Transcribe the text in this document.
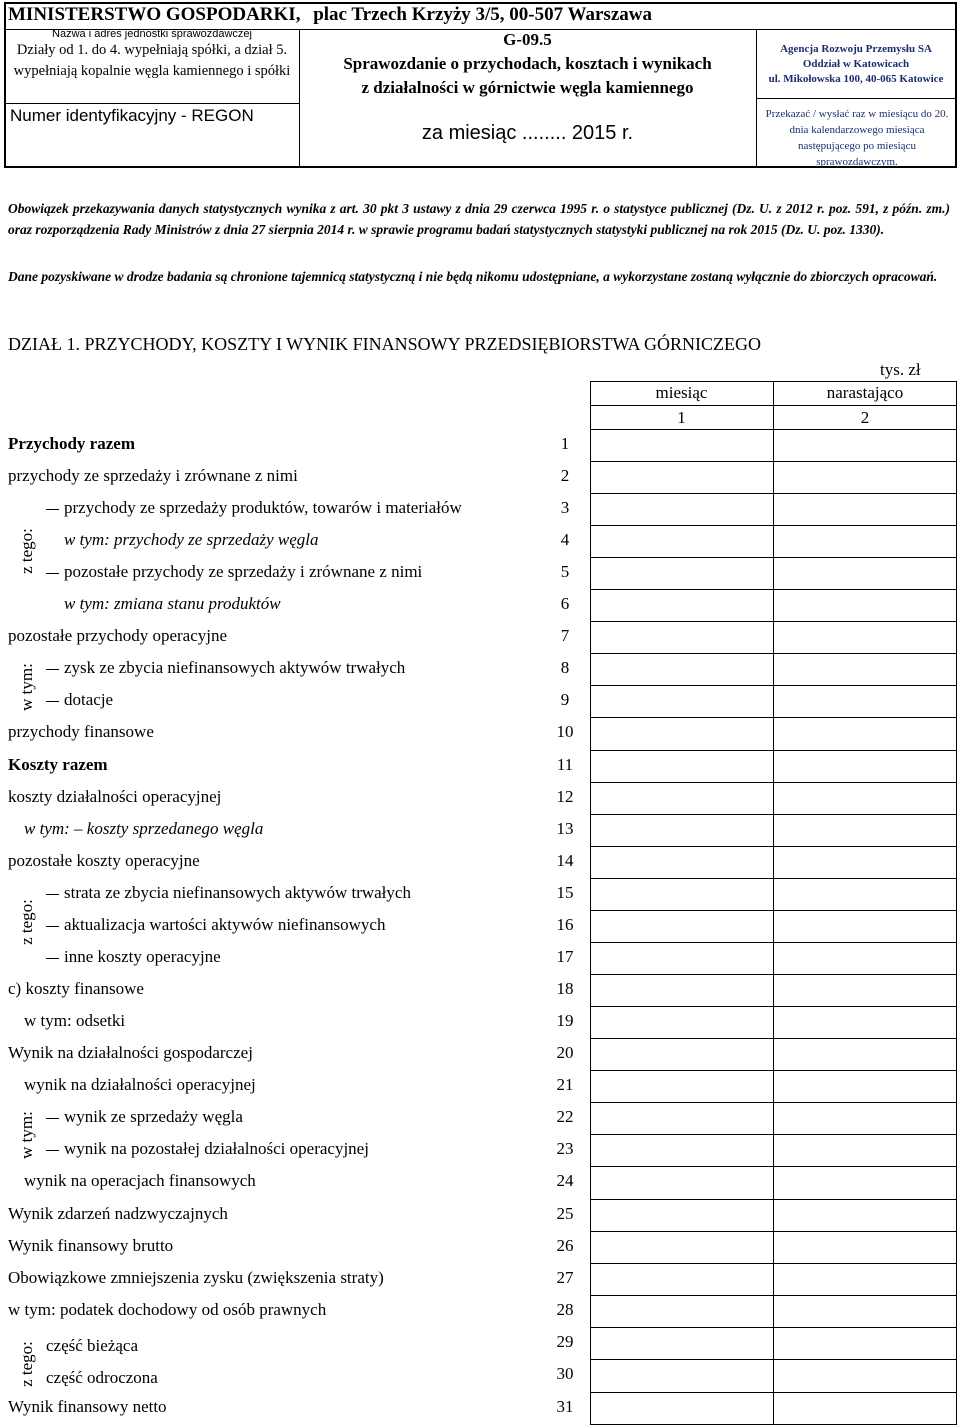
MINISTERSTWO GOSPODARKI, plac Trzech Krzyży 3/5, 00-507 Warszawa
Nazwa i adres jednostki sprawozdawczej
Działy od 1. do 4. wypełniają spółki, a dział 5. wypełniają kopalnie węgla kamiennego i spółki
Numer identyfikacyjny - REGON
G-09.5
Sprawozdanie o przychodach, kosztach i wynikach
z działalności w górnictwie węgla kamiennego
za miesiąc ........ 2015 r.
Agencja Rozwoju Przemysłu SA
Oddział w Katowicach
ul. Mikołowska 100, 40-065 Katowice
Przekazać / wysłać raz w miesiącu do 20. dnia kalendarzowego miesiąca następującego po miesiącu sprawozdawczym.
Obowiązek przekazywania danych statystycznych wynika z art. 30 pkt 3 ustawy z dnia 29 czerwca 1995 r. o statystyce publicznej (Dz. U. z 2012 r. poz. 591, z późn. zm.) oraz rozporządzenia Rady Ministrów z dnia 27 sierpnia 2014 r. w sprawie programu badań statystycznych statystyki publicznej na rok 2015 (Dz. U. poz. 1330).
Dane pozyskiwane w drodze badania są chronione tajemnicą statystyczną i nie będą nikomu udostępniane, a wykorzystane zostaną wyłącznie do zbiorczych opracowań.
DZIAŁ 1. PRZYCHODY, KOSZTY I WYNIK FINANSOWY PRZEDSIĘBIORSTWA GÓRNICZEGO
tys. zł
miesiąc	narastająco
1	2
Przychody razem
przychody ze sprzedaży i zrównane z nimi
przychody ze sprzedaży produktów, towarów i materiałów
w tym: przychody ze sprzedaży węgla
pozostałe przychody ze sprzedaży i zrównane z nimi
w tym: zmiana stanu produktów
pozostałe przychody operacyjne
zysk ze zbycia niefinansowych aktywów trwałych
dotacje
przychody finansowe
Koszty razem
koszty działalności operacyjnej
w tym: – koszty sprzedanego węgla
pozostałe koszty operacyjne
strata ze zbycia niefinansowych aktywów trwałych
aktualizacja wartości aktywów niefinansowych
inne koszty operacyjne
c) koszty finansowe
w tym: odsetki
Wynik na działalności gospodarczej
wynik na działalności operacyjnej
wynik ze sprzedaży węgla
wynik na pozostałej działalności operacyjnej
wynik na operacjach finansowych
Wynik zdarzeń nadzwyczajnych
Wynik finansowy brutto
Obowiązkowe zmniejszenia zysku (zwiększenia straty)
w tym: podatek dochodowy od osób prawnych
część bieżąca
część odroczona
Wynik finansowy netto
1
2
3
4
5
6
7
8
9
10
11
12
13
14
15
16
17
18
19
20
21
22
23
24
25
26
27
28
29
30
31
z tego:
w tym:
z tego:
w tym:
z tego:
